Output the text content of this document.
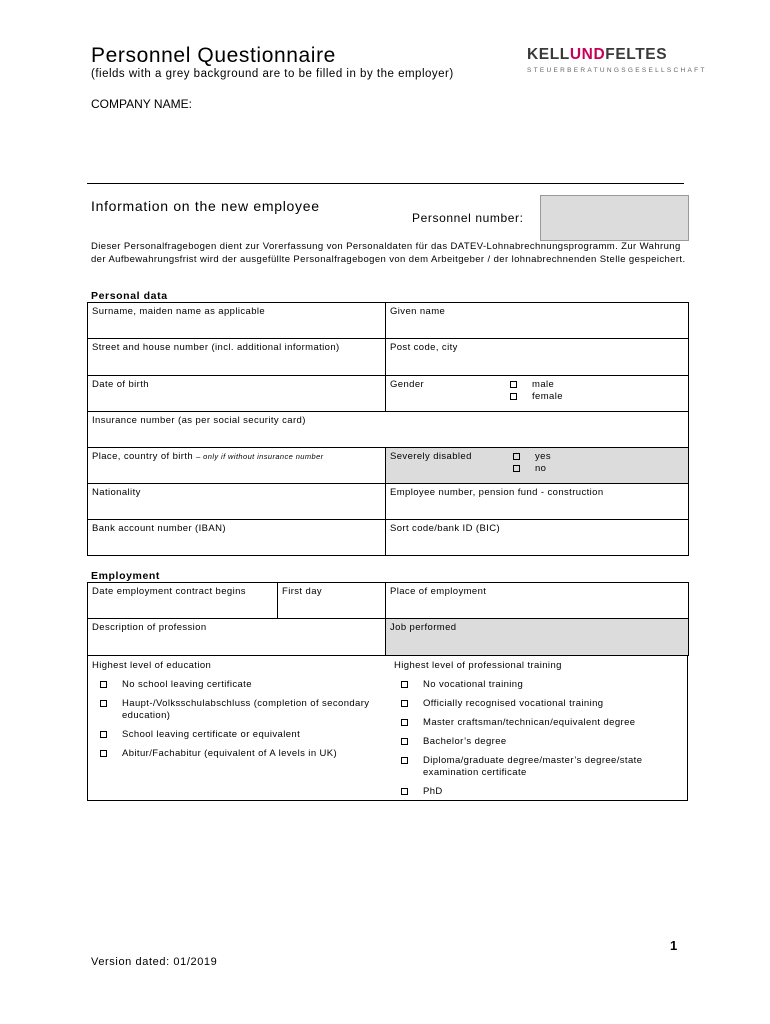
Personnel Questionnaire
(fields with a grey background are to be filled in by the employer)
KELLUNDFELTES
STEUERBERATUNGSGESELLSCHAFT
COMPANY NAME:
Information on the new employee
Personnel number:
Dieser Personalfragebogen dient zur Vorerfassung von Personaldaten für das DATEV-Lohnabrechnungsprogramm. Zur Wahrung der Aufbewahrungsfrist wird der ausgefüllte Personalfragebogen von dem Arbeitgeber / der lohnabrechnenden Stelle gespeichert.
Personal data
Surname, maiden name as applicable	Given name
Street and house number (incl. additional information)	Post code, city
Date of birth	Gender male
female

Insurance number (as per social security card)	
Place, country of birth – only if without insurance number	Severely disabled yes
no

Nationality	Employee number, pension fund - construction
Bank account number (IBAN)	Sort code/bank ID (BIC)
Employment
Date employment contract begins	First day	Place of employment
Description of profession		Job performed
Highest level of education
No school leaving certificate
Haupt-/Volksschulabschluss (completion of secondary education)
School leaving certificate or equivalent
Abitur/Fachabitur (equivalent of A levels in UK)
Highest level of professional training
No vocational training
Officially recognised vocational training
Master craftsman/technican/equivalent degree
Bachelor’s degree
Diploma/graduate degree/master’s degree/state examination certificate
PhD
1
Version dated: 01/2019
